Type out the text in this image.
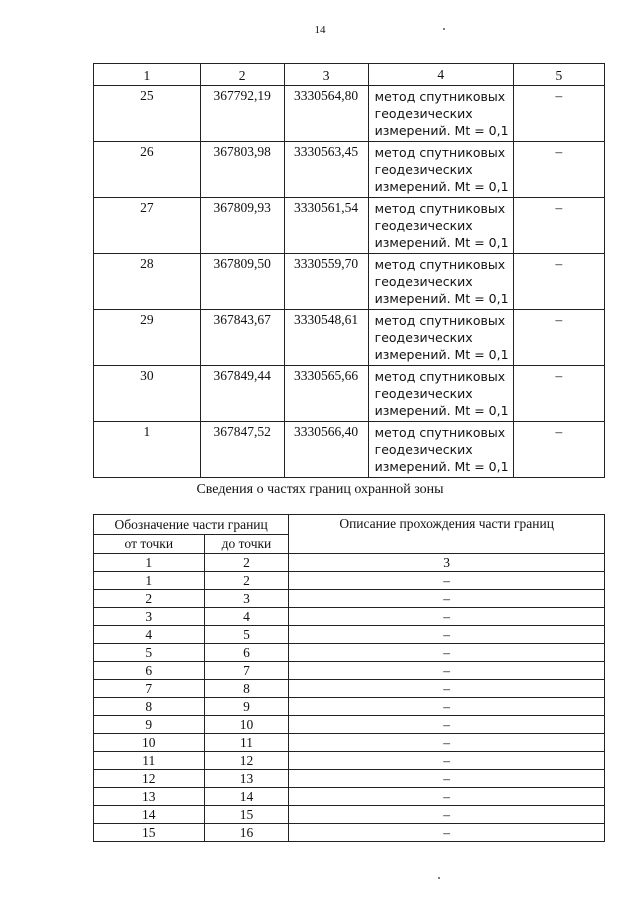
14
1	2	3	4	5
25	367792,19	3330564,80	метод спутниковых
геодезических
измерений. Mt = 0,1	–
26	367803,98	3330563,45	метод спутниковых
геодезических
измерений. Mt = 0,1	–
27	367809,93	3330561,54	метод спутниковых
геодезических
измерений. Mt = 0,1	–
28	367809,50	3330559,70	метод спутниковых
геодезических
измерений. Mt = 0,1	–
29	367843,67	3330548,61	метод спутниковых
геодезических
измерений. Mt = 0,1	–
30	367849,44	3330565,66	метод спутниковых
геодезических
измерений. Mt = 0,1	–
1	367847,52	3330566,40	метод спутниковых
геодезических
измерений. Mt = 0,1	–
Сведения о частях границ охранной зоны
Обозначение части границ		Описание прохождения части границ
от точки	до точки	
1	2	3
1	2	–
2	3	–
3	4	–
4	5	–
5	6	–
6	7	–
7	8	–
8	9	–
9	10	–
10	11	–
11	12	–
12	13	–
13	14	–
14	15	–
15	16	–
